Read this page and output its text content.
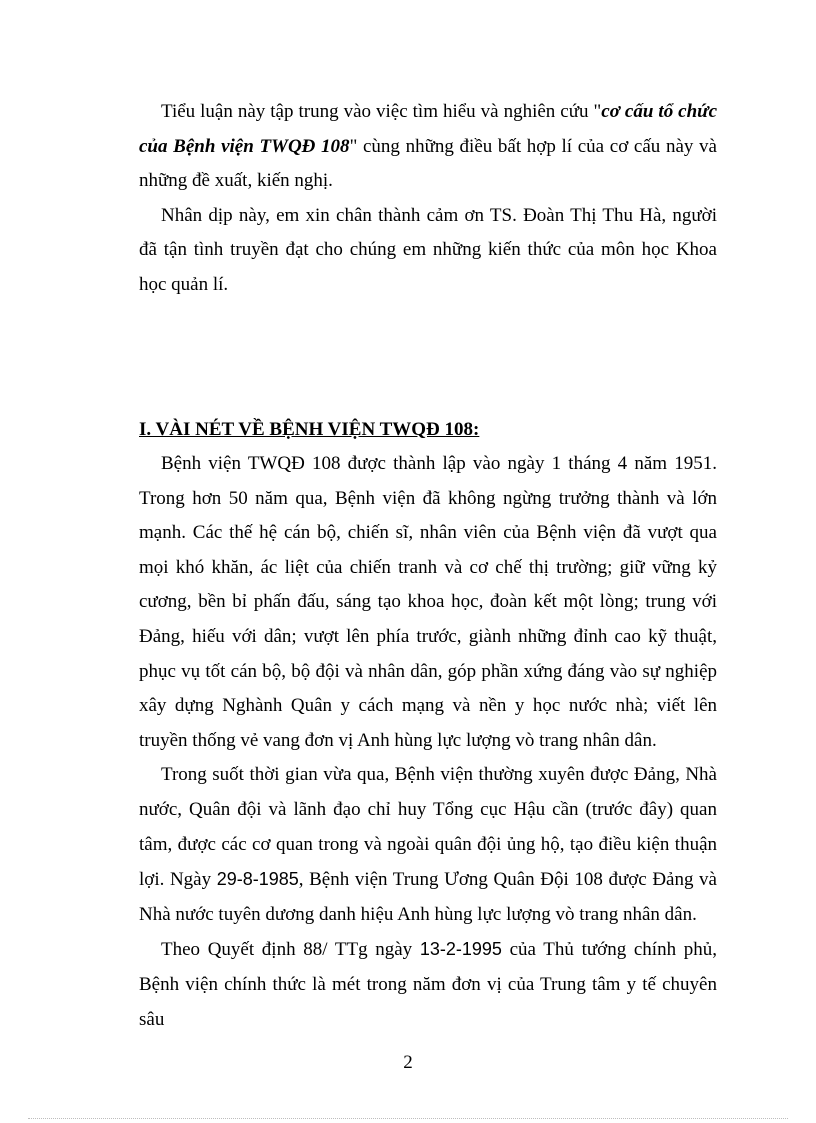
Tiểu luận này tập trung vào việc tìm hiểu và nghiên cứu "cơ cấu tổ chức của Bệnh viện TWQĐ 108" cùng những điều bất hợp lí của cơ cấu này và những đề xuất, kiến nghị.

Nhân dịp này, em xin chân thành cảm ơn TS. Đoàn Thị Thu Hà, người đã tận tình truyền đạt cho chúng em những kiến thức của môn học Khoa học quản lí.

I. VÀI NÉT VỀ BỆNH VIỆN TWQĐ 108:

Bệnh viện TWQĐ 108 được thành lập vào ngày 1 tháng 4 năm 1951. Trong hơn 50 năm qua, Bệnh viện đã không ngừng trưởng thành và lớn mạnh. Các thế hệ cán bộ, chiến sĩ, nhân viên của Bệnh viện đã vượt qua mọi khó khăn, ác liệt của chiến tranh và cơ chế thị trường; giữ vững kỷ cương, bền bỉ phấn đấu, sáng tạo khoa học, đoàn kết một lòng; trung với Đảng, hiếu với dân; vượt lên phía trước, giành những đỉnh cao kỹ thuật, phục vụ tốt cán bộ, bộ đội và nhân dân, góp phần xứng đáng vào sự nghiệp xây dựng Nghành Quân y cách mạng và nền y học nước nhà; viết lên truyền thống vẻ vang đơn vị Anh hùng lực lượng vò trang nhân dân.

Trong suốt thời gian vừa qua, Bệnh viện thường xuyên được Đảng, Nhà nước, Quân đội và lãnh đạo chỉ huy Tổng cục Hậu cần (trước đây) quan tâm, được các cơ quan trong và ngoài quân đội ủng hộ, tạo điều kiện thuận lợi. Ngày 29-8-1985, Bệnh viện Trung Ương Quân Đội 108 được Đảng và Nhà nước tuyên dương danh hiệu Anh hùng lực lượng vò trang nhân dân.

Theo Quyết định 88/ TTg ngày 13-2-1995 của Thủ tướng chính phủ, Bệnh viện chính thức là mét trong năm đơn vị của Trung tâm y tế chuyên sâu

2
